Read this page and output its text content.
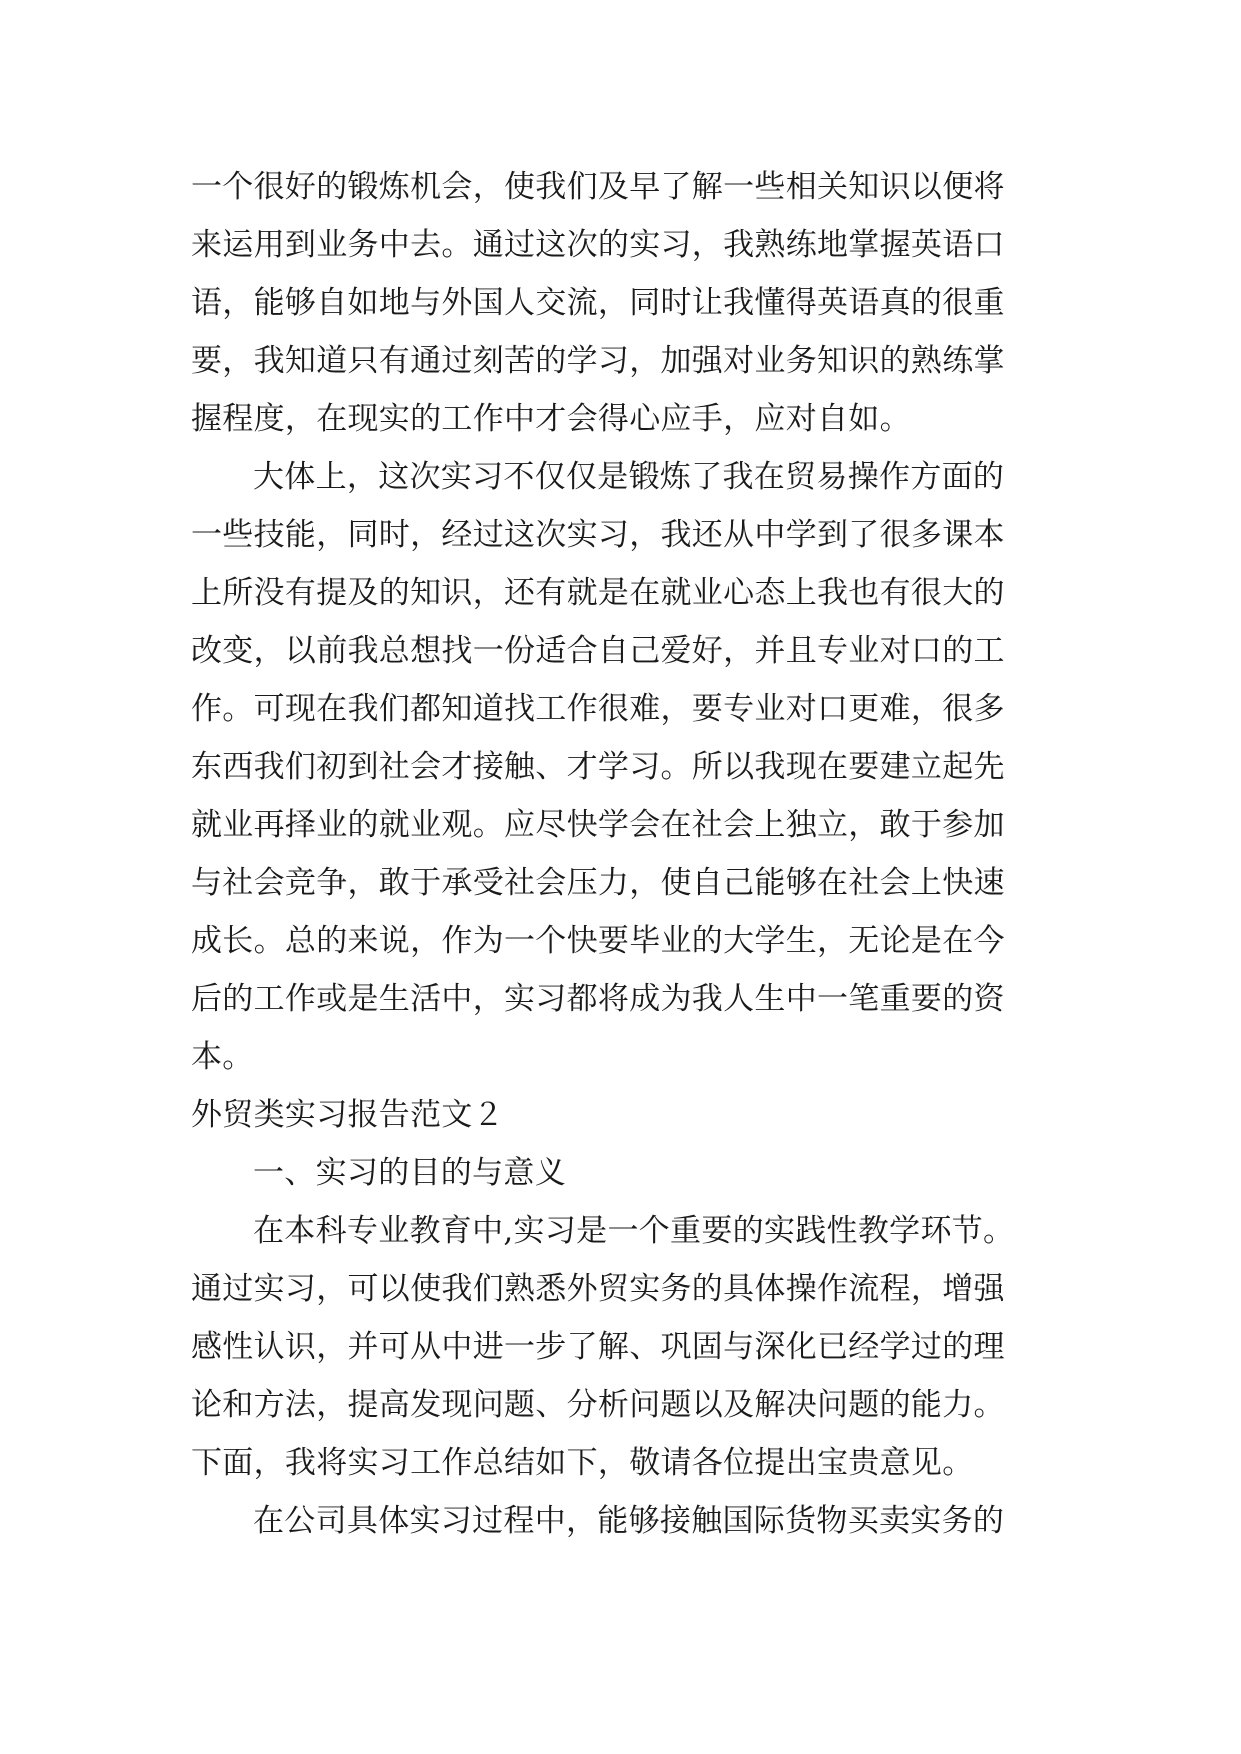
一个很好的锻炼机会，使我们及早了解一些相关知识以便将
来运用到业务中去。通过这次的实习，我熟练地掌握英语口
语，能够自如地与外国人交流，同时让我懂得英语真的很重
要，我知道只有通过刻苦的学习，加强对业务知识的熟练掌
握程度，在现实的工作中才会得心应手，应对自如。
大体上，这次实习不仅仅是锻炼了我在贸易操作方面的
一些技能，同时，经过这次实习，我还从中学到了很多课本
上所没有提及的知识，还有就是在就业心态上我也有很大的
改变，以前我总想找一份适合自己爱好，并且专业对口的工
作。可现在我们都知道找工作很难，要专业对口更难，很多
东西我们初到社会才接触、才学习。所以我现在要建立起先
就业再择业的就业观。应尽快学会在社会上独立，敢于参加
与社会竞争，敢于承受社会压力，使自己能够在社会上快速
成长。总的来说，作为一个快要毕业的大学生，无论是在今
后的工作或是生活中，实习都将成为我人生中一笔重要的资
本。
外贸类实习报告范文２
一、实习的目的与意义
在本科专业教育中,实习是一个重要的实践性教学环节。
通过实习，可以使我们熟悉外贸实务的具体操作流程，增强
感性认识，并可从中进一步了解、巩固与深化已经学过的理
论和方法，提高发现问题、分析问题以及解决问题的能力。
下面，我将实习工作总结如下，敬请各位提出宝贵意见。
在公司具体实习过程中，能够接触国际货物买卖实务的
